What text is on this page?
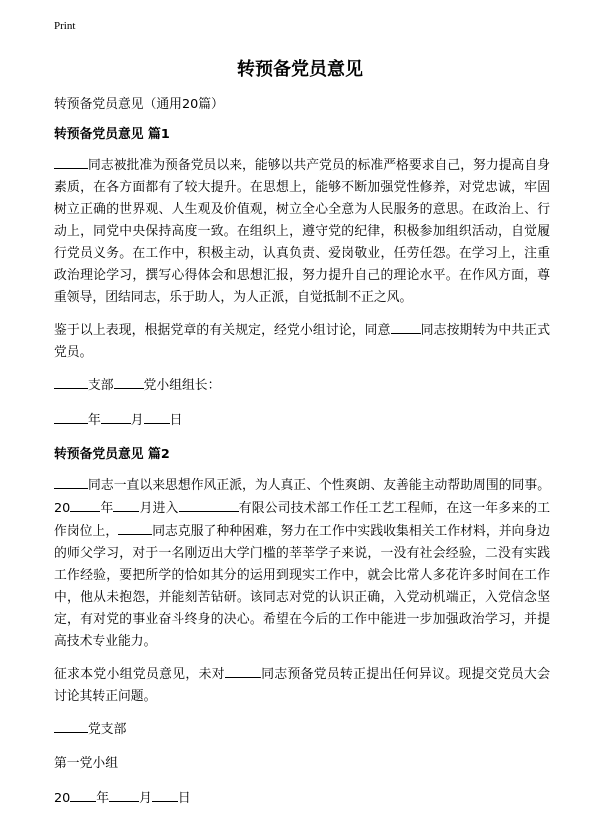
Print
转预备党员意见

转预备党员意见（通用20篇）

转预备党员意见 篇1

同志被批准为预备党员以来，能够以共产党员的标准严格要求自己，努力提高自身素质，在各方面都有了较大提升。在思想上，能够不断加强党性修养，对党忠诚，牢固树立正确的世界观、人生观及价值观，树立全心全意为人民服务的意思。在政治上、行动上，同党中央保持高度一致。在组织上，遵守党的纪律，积极参加组织活动，自觉履行党员义务。在工作中，积极主动，认真负责、爱岗敬业，任劳任怨。在学习上，注重政治理论学习，撰写心得体会和思想汇报，努力提升自己的理论水平。在作风方面，尊重领导，团结同志，乐于助人，为人正派，自觉抵制不正之风。

鉴于以上表现，根据党章的有关规定，经党小组讨论，同意 同志按期转为中共正式党员。

支部 党小组组长：

年 月 日

转预备党员意见 篇2

同志一直以来思想作风正派，为人真正、个性爽朗、友善能主动帮助周围的同事。20 年 月进入	有限公司技术部工作任工艺工程师，在这一年多来的工作岗位上，	同志克服了种种困难，努力在工作中实践收集相关工作材料，并向身边的师父学习，对于一名刚迈出大学门槛的莘莘学子来说，一没有社会经验，二没有实践工作经验，要把所学的恰如其分的运用到现实工作中，就会比常人多花许多时间在工作中，他从未抱怨，并能刻苦钻研。该同志对党的认识正确，入党动机端正，入党信念坚定，有对党的事业奋斗终身的决心。希望在今后的工作中能进一步加强政治学习，并提高技术专业能力。

征求本党小组党员意见，未对	同志预备党员转正提出任何异议。现提交党员大会讨论其转正问题。

党支部

第一党小组

20 年 月 日
